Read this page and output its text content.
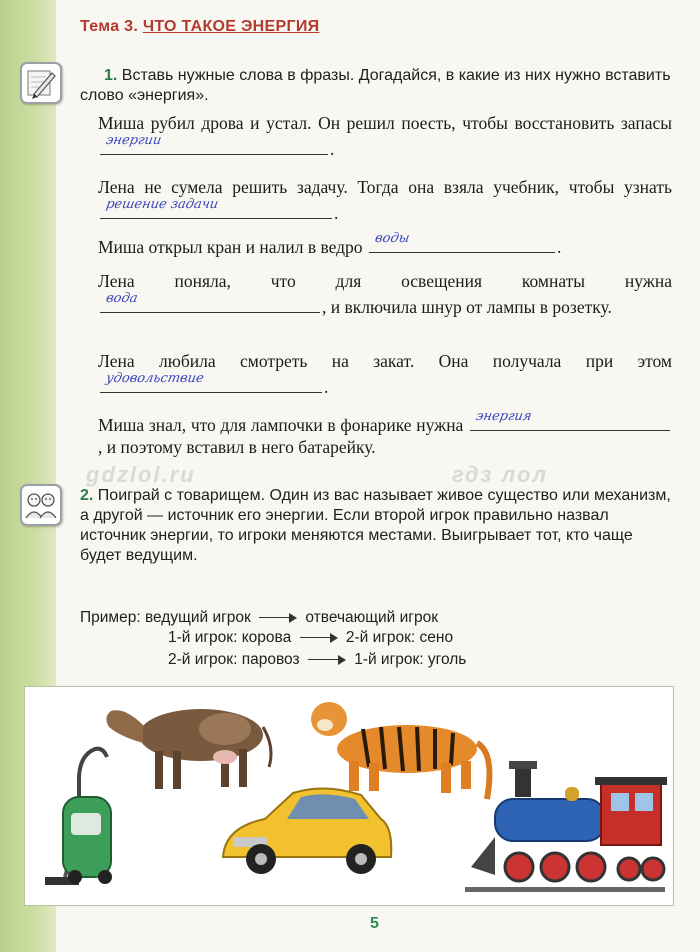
Тема 3. ЧТО ТАКОЕ ЭНЕРГИЯ
1. Вставь нужные слова в фразы. Догадайся, в какие из них нужно вставить слово «энергия».
Миша рубил дрова и устал. Он решил поесть, чтобы восстановить запасы
энергии	.
Лена не сумела решить задачу. Тогда она взяла учебник, чтобы узнать
решение задачи	.
Миша открыл кран и налил в ведро воды	.
Лена поняла, что для освещения комнаты нужна
вода	, и включила шнур от лампы в розетку.
Лена любила смотреть на закат. Она получала при этом
удовольствие	.
Миша знал, что для лампочки в фонарике нужна энергия
, и поэтому вставил в него батарейку.
gdzlol.ru	гдз лол
2. Поиграй с товарищем. Один из вас называет живое существо или механизм, а другой — источник его энергии. Если второй игрок правильно назвал источник энергии, то игроки меняются местами. Выигрывает тот, кто чаще будет ведущим.
Пример: ведущий игрок	отвечающий игрок
1-й игрок: корова	2-й игрок: сено
2-й игрок: паровоз	1-й игрок: уголь
5
